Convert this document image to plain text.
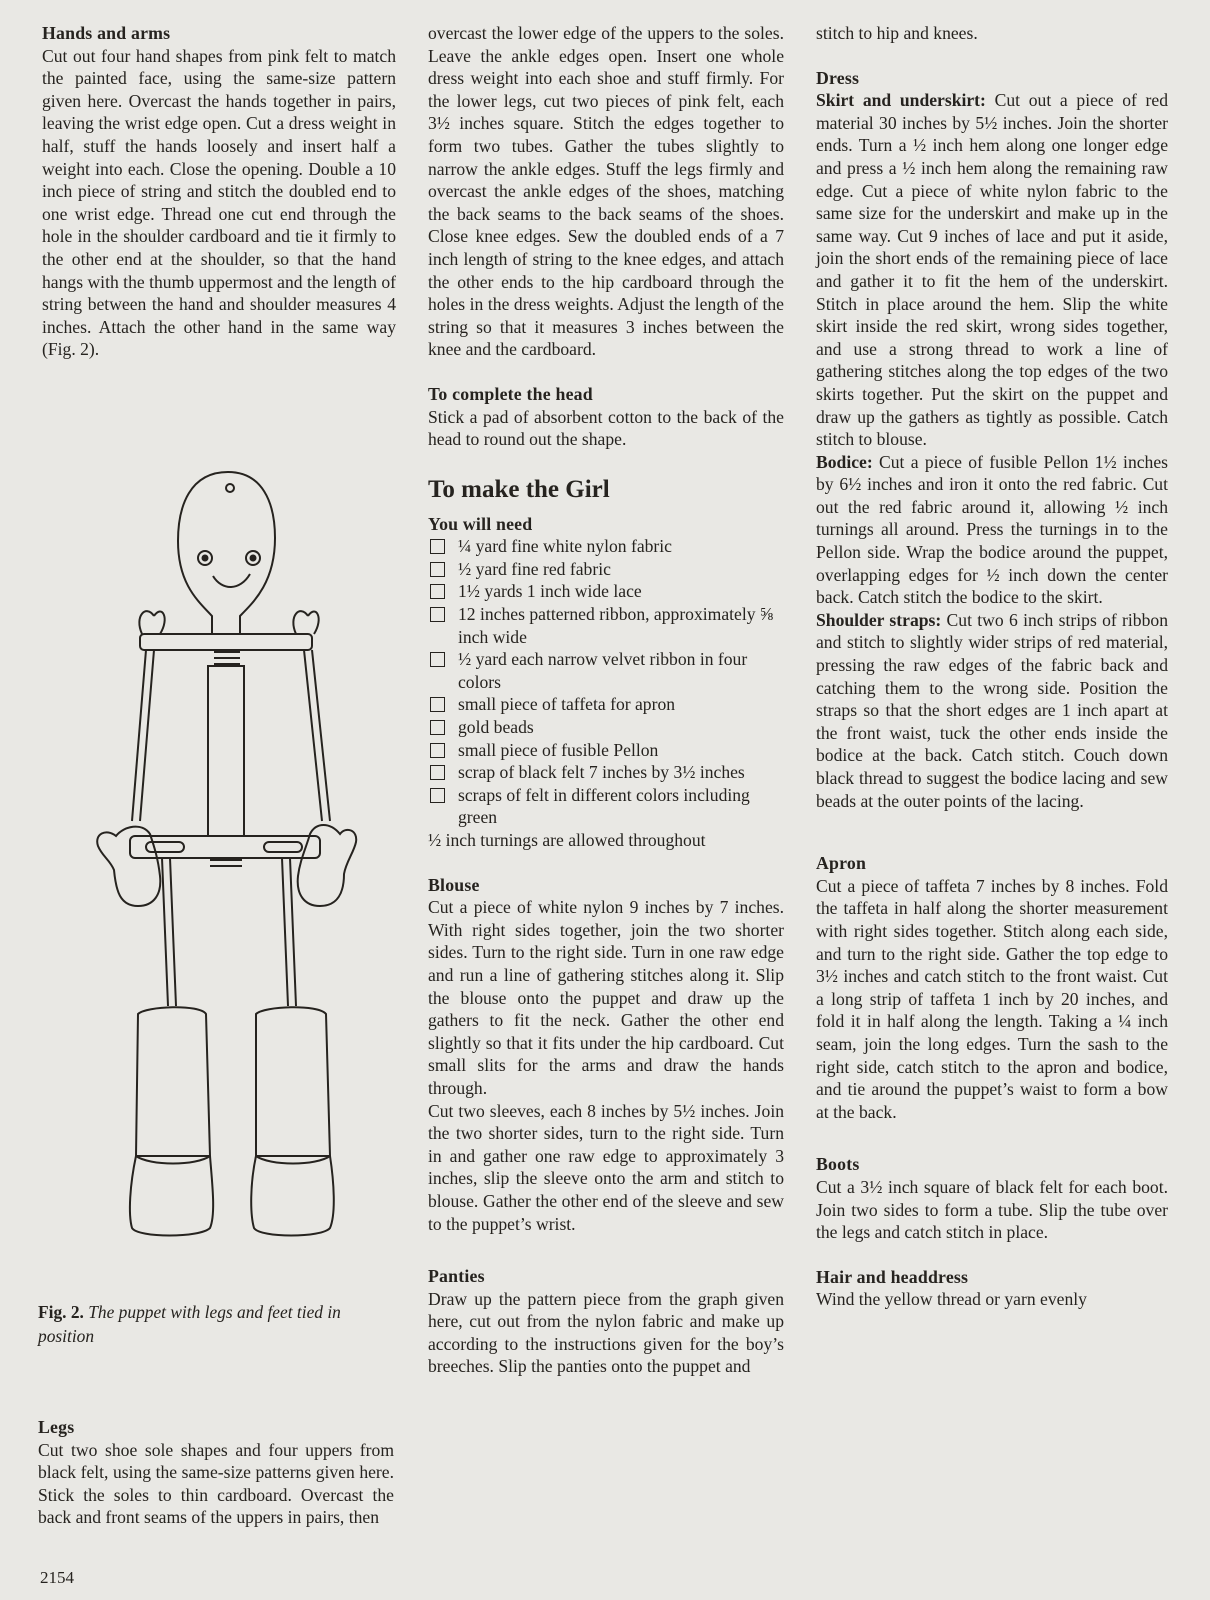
Hands and arms

Cut out four hand shapes from pink felt to match the painted face, using the same-size pattern given here. Overcast the hands together in pairs, leaving the wrist edge open. Cut a dress weight in half, stuff the hands loosely and insert half a weight into each. Close the opening. Double a 10 inch piece of string and stitch the doubled end to one wrist edge. Thread one cut end through the hole in the shoulder cardboard and tie it firmly to the other end at the shoulder, so that the hand hangs with the thumb uppermost and the length of string between the hand and shoulder measures 4 inches. Attach the other hand in the same way (Fig. 2).

Fig. 2. The puppet with legs and feet tied in position
Legs

Cut two shoe sole shapes and four uppers from black felt, using the same-size patterns given here. Stick the soles to thin cardboard. Overcast the back and front seams of the uppers in pairs, then

overcast the lower edge of the uppers to the soles. Leave the ankle edges open. Insert one whole dress weight into each shoe and stuff firmly. For the lower legs, cut two pieces of pink felt, each 3½ inches square. Stitch the edges together to form two tubes. Gather the tubes slightly to narrow the ankle edges. Stuff the legs firmly and overcast the ankle edges of the shoes, matching the back seams to the back seams of the shoes. Close knee edges. Sew the doubled ends of a 7 inch length of string to the knee edges, and attach the other ends to the hip cardboard through the holes in the dress weights. Adjust the length of the string so that it measures 3 inches between the knee and the cardboard.

To complete the head

Stick a pad of absorbent cotton to the back of the head to round out the shape.

To make the Girl
You will need
¼ yard fine white nylon fabric
½ yard fine red fabric
1½ yards 1 inch wide lace
12 inches patterned ribbon, approximately ⅝ inch wide
½ yard each narrow velvet ribbon in four colors
small piece of taffeta for apron
gold beads
small piece of fusible Pellon
scrap of black felt 7 inches by 3½ inches
scraps of felt in different colors including green

½ inch turnings are allowed throughout

Blouse

Cut a piece of white nylon 9 inches by 7 inches. With right sides together, join the two shorter sides. Turn to the right side. Turn in one raw edge and run a line of gathering stitches along it. Slip the blouse onto the puppet and draw up the gathers to fit the neck. Gather the other end slightly so that it fits under the hip cardboard. Cut small slits for the arms and draw the hands through.

Cut two sleeves, each 8 inches by 5½ inches. Join the two shorter sides, turn to the right side. Turn in and gather one raw edge to approximately 3 inches, slip the sleeve onto the arm and stitch to blouse. Gather the other end of the sleeve and sew to the puppet’s wrist.

Panties

Draw up the pattern piece from the graph given here, cut out from the nylon fabric and make up according to the instructions given for the boy’s breeches. Slip the panties onto the puppet and

stitch to hip and knees.

Dress

Skirt and underskirt: Cut out a piece of red material 30 inches by 5½ inches. Join the shorter ends. Turn a ½ inch hem along one longer edge and press a ½ inch hem along the remaining raw edge. Cut a piece of white nylon fabric to the same size for the underskirt and make up in the same way. Cut 9 inches of lace and put it aside, join the short ends of the remaining piece of lace and gather it to fit the hem of the underskirt. Stitch in place around the hem. Slip the white skirt inside the red skirt, wrong sides together, and use a strong thread to work a line of gathering stitches along the top edges of the two skirts together. Put the skirt on the puppet and draw up the gathers as tightly as possible. Catch stitch to blouse.

Bodice: Cut a piece of fusible Pellon 1½ inches by 6½ inches and iron it onto the red fabric. Cut out the red fabric around it, allowing ½ inch turnings all around. Press the turnings in to the Pellon side. Wrap the bodice around the puppet, overlapping edges for ½ inch down the center back. Catch stitch the bodice to the skirt.

Shoulder straps: Cut two 6 inch strips of ribbon and stitch to slightly wider strips of red material, pressing the raw edges of the fabric back and catching them to the wrong side. Position the straps so that the short edges are 1 inch apart at the front waist, tuck the other ends inside the bodice at the back. Catch stitch. Couch down black thread to suggest the bodice lacing and sew beads at the outer points of the lacing.

Apron

Cut a piece of taffeta 7 inches by 8 inches. Fold the taffeta in half along the shorter measurement with right sides together. Stitch along each side, and turn to the right side. Gather the top edge to 3½ inches and catch stitch to the front waist. Cut a long strip of taffeta 1 inch by 20 inches, and fold it in half along the length. Taking a ¼ inch seam, join the long edges. Turn the sash to the right side, catch stitch to the apron and bodice, and tie around the puppet’s waist to form a bow at the back.

Boots

Cut a 3½ inch square of black felt for each boot. Join two sides to form a tube. Slip the tube over the legs and catch stitch in place.

Hair and headdress

Wind the yellow thread or yarn evenly

2154
